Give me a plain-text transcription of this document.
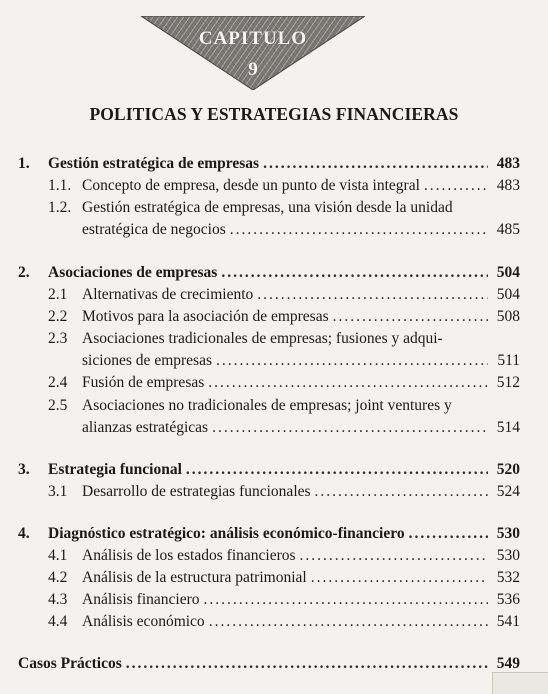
CAPITULO
9
POLITICAS Y ESTRATEGIAS FINANCIERAS
1. Gestión estratégica de empresas .....	483
1.1. Concepto de empresa, desde un punto de vista integral .....	483
1.2. Gestión estratégica de empresas, una visión desde la unidad
estratégica de negocios .....	485
2. Asociaciones de empresas .....	504
2.1 Alternativas de crecimiento .....	504
2.2 Motivos para la asociación de empresas .....	508
2.3 Asociaciones tradicionales de empresas; fusiones y adqui-
siciones de empresas .....	511
2.4 Fusión de empresas .....	512
2.5 Asociaciones no tradicionales de empresas; joint ventures y
alianzas estratégicas .....	514
3. Estrategia funcional .....	520
3.1 Desarrollo de estrategias funcionales .....	524
4. Diagnóstico estratégico: análisis económico-financiero .....	530
4.1 Análisis de los estados financieros .....	530
4.2 Análisis de la estructura patrimonial .....	532
4.3 Análisis financiero .....	536
4.4 Análisis económico .....	541
Casos Prácticos .....	549
